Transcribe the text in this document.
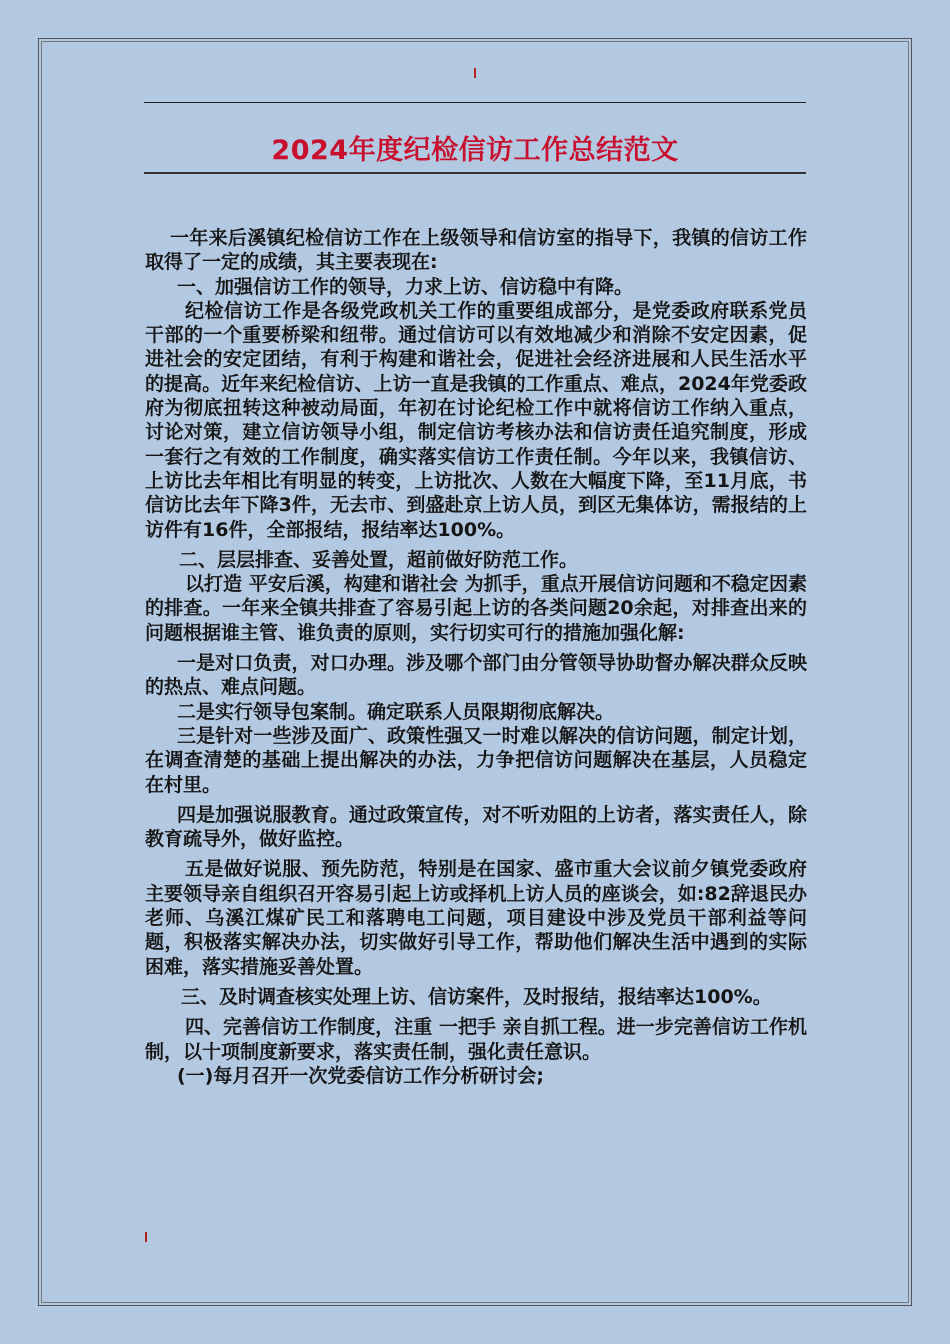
2024年度纪检信访工作总结范文

一年来后溪镇纪检信访工作在上级领导和信访室的指导下，我镇的信访工作取得了一定的成绩，其主要表现在:

一、加强信访工作的领导，力求上访、信访稳中有降。

纪检信访工作是各级党政机关工作的重要组成部分，是党委政府联系党员干部的一个重要桥梁和纽带。通过信访可以有效地减少和消除不安定因素，促进社会的安定团结，有利于构建和谐社会，促进社会经济进展和人民生活水平的提高。近年来纪检信访、上访一直是我镇的工作重点、难点，2024年党委政府为彻底扭转这种被动局面，年初在讨论纪检工作中就将信访工作纳入重点，讨论对策，建立信访领导小组，制定信访考核办法和信访责任追究制度，形成一套行之有效的工作制度，确实落实信访工作责任制。今年以来，我镇信访、上访比去年相比有明显的转变，上访批次、人数在大幅度下降，至11月底，书信访比去年下降3件，无去市、到盛赴京上访人员，到区无集体访，需报结的上访件有16件，全部报结，报结率达100%。

二、层层排查、妥善处置，超前做好防范工作。

以打造 平安后溪，构建和谐社会 为抓手，重点开展信访问题和不稳定因素的排查。一年来全镇共排查了容易引起上访的各类问题20余起，对排查出来的问题根据谁主管、谁负责的原则，实行切实可行的措施加强化解:

一是对口负责，对口办理。涉及哪个部门由分管领导协助督办解决群众反映的热点、难点问题。

二是实行领导包案制。确定联系人员限期彻底解决。

三是针对一些涉及面广、政策性强又一时难以解决的信访问题，制定计划，在调查清楚的基础上提出解决的办法，力争把信访问题解决在基层，人员稳定在村里。

四是加强说服教育。通过政策宣传，对不听劝阻的上访者，落实责任人，除教育疏导外，做好监控。

五是做好说服、预先防范，特别是在国家、盛市重大会议前夕镇党委政府主要领导亲自组织召开容易引起上访或择机上访人员的座谈会，如:82辞退民办老师、乌溪江煤矿民工和落聘电工问题，项目建设中涉及党员干部利益等问题，积极落实解决办法，切实做好引导工作，帮助他们解决生活中遇到的实际困难，落实措施妥善处置。

三、及时调查核实处理上访、信访案件，及时报结，报结率达100%。

四、完善信访工作制度，注重 一把手 亲自抓工程。进一步完善信访工作机制，以十项制度新要求，落实责任制，强化责任意识。

(一)每月召开一次党委信访工作分析研讨会;
